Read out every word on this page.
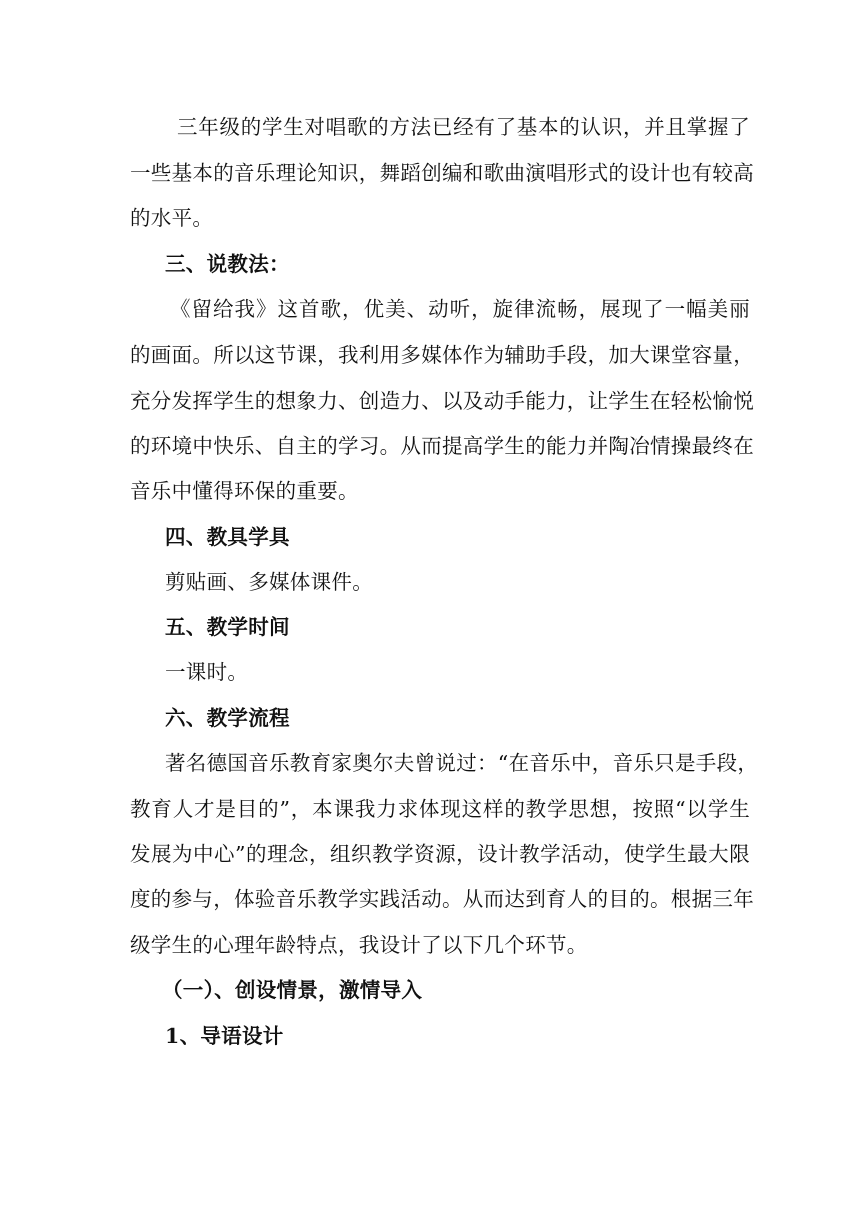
三年级的学生对唱歌的方法已经有了基本的认识，并且掌握了
一些基本的音乐理论知识，舞蹈创编和歌曲演唱形式的设计也有较高
的水平。
三、说教法：
《留给我》这首歌，优美、动听，旋律流畅，展现了一幅美丽
的画面。所以这节课，我利用多媒体作为辅助手段，加大课堂容量，
充分发挥学生的想象力、创造力、以及动手能力，让学生在轻松愉悦
的环境中快乐、自主的学习。从而提高学生的能力并陶冶情操最终在
音乐中懂得环保的重要。
四、教具学具
剪贴画、多媒体课件。
五、教学时间
一课时。
六、教学流程
著名德国音乐教育家奥尔夫曾说过：“在音乐中，音乐只是手段，
教育人才是目的”，本课我力求体现这样的教学思想，按照“以学生
发展为中心”的理念，组织教学资源，设计教学活动，使学生最大限
度的参与，体验音乐教学实践活动。从而达到育人的目的。根据三年
级学生的心理年龄特点，我设计了以下几个环节。
（一）、创设情景，激情导入
1、导语设计
